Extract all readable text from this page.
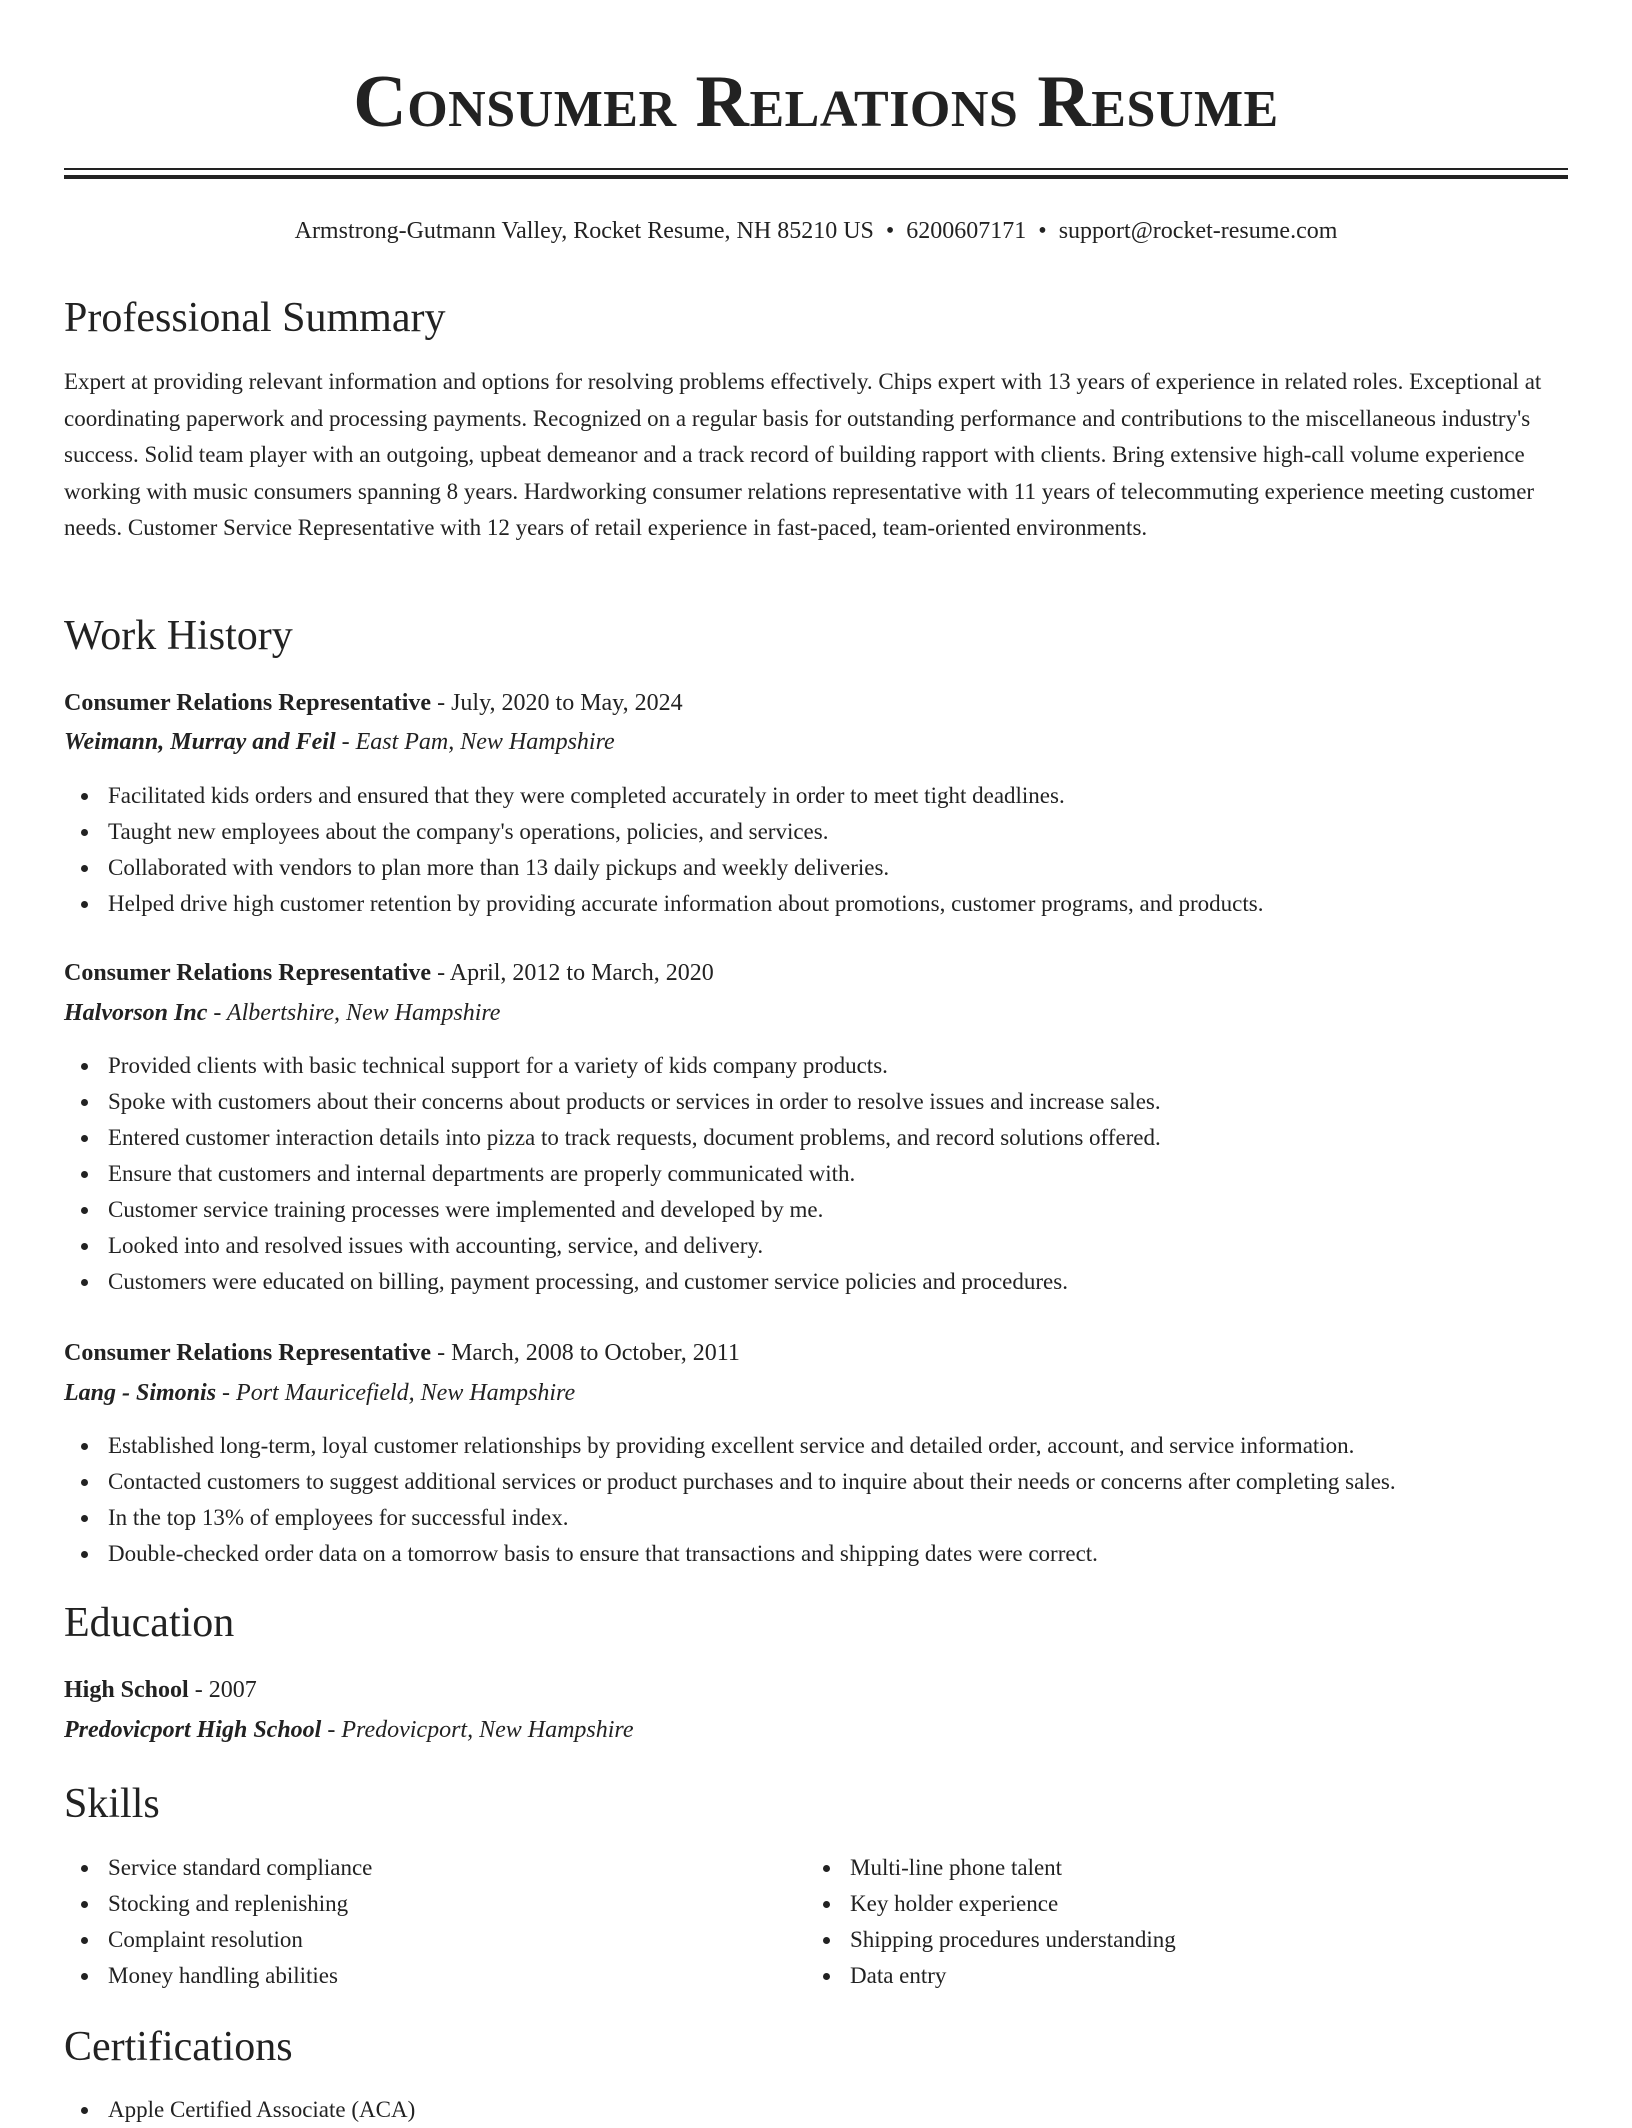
Consumer Relations Resume
Armstrong-Gutmann Valley, Rocket Resume, NH 85210 US • 6200607171 • support@rocket-resume.com
Professional Summary

Expert at providing relevant information and options for resolving problems effectively. Chips expert with 13 years of experience in related roles. Exceptional at coordinating paperwork and processing payments. Recognized on a regular basis for outstanding performance and contributions to the miscellaneous industry's success. Solid team player with an outgoing, upbeat demeanor and a track record of building rapport with clients. Bring extensive high-call volume experience working with music consumers spanning 8 years. Hardworking consumer relations representative with 11 years of telecommuting experience meeting customer needs. Customer Service Representative with 12 years of retail experience in fast-paced, team-oriented environments.

Work History
Consumer Relations Representative - July, 2020 to May, 2024
Weimann, Murray and Feil - East Pam, New Hampshire
Facilitated kids orders and ensured that they were completed accurately in order to meet tight deadlines.
Taught new employees about the company's operations, policies, and services.
Collaborated with vendors to plan more than 13 daily pickups and weekly deliveries.
Helped drive high customer retention by providing accurate information about promotions, customer programs, and products.
Consumer Relations Representative - April, 2012 to March, 2020
Halvorson Inc - Albertshire, New Hampshire
Provided clients with basic technical support for a variety of kids company products.
Spoke with customers about their concerns about products or services in order to resolve issues and increase sales.
Entered customer interaction details into pizza to track requests, document problems, and record solutions offered.
Ensure that customers and internal departments are properly communicated with.
Customer service training processes were implemented and developed by me.
Looked into and resolved issues with accounting, service, and delivery.
Customers were educated on billing, payment processing, and customer service policies and procedures.
Consumer Relations Representative - March, 2008 to October, 2011
Lang - Simonis - Port Mauricefield, New Hampshire
Established long-term, loyal customer relationships by providing excellent service and detailed order, account, and service information.
Contacted customers to suggest additional services or product purchases and to inquire about their needs or concerns after completing sales.
In the top 13% of employees for successful index.
Double-checked order data on a tomorrow basis to ensure that transactions and shipping dates were correct.
Education
High School - 2007
Predovicport High School - Predovicport, New Hampshire
Skills
Service standard compliance
Stocking and replenishing
Complaint resolution
Money handling abilities
Multi-line phone talent
Key holder experience
Shipping procedures understanding
Data entry
Certifications
Apple Certified Associate (ACA)
